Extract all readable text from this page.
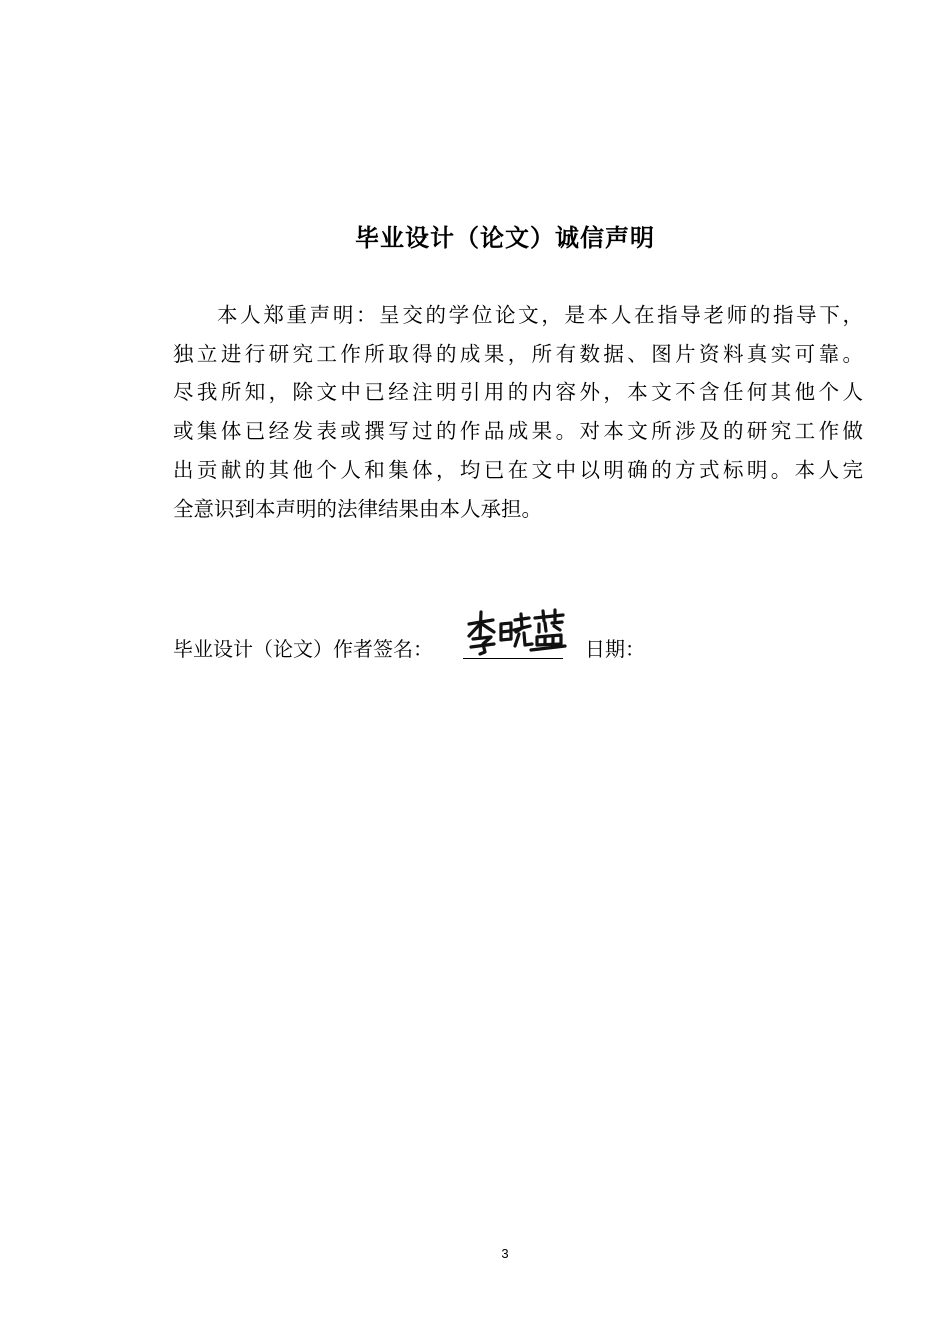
毕业设计（论文）诚信声明
本人郑重声明：呈交的学位论文，是本人在指导老师的指导下，
独立进行研究工作所取得的成果，所有数据、图片资料真实可靠。
尽我所知，除文中已经注明引用的内容外，本文不含任何其他个人
或集体已经发表或撰写过的作品成果。对本文所涉及的研究工作做
出贡献的其他个人和集体，均已在文中以明确的方式标明。本人完
全意识到本声明的法律结果由本人承担。
毕业设计（论文）作者签名：	日期：
3
